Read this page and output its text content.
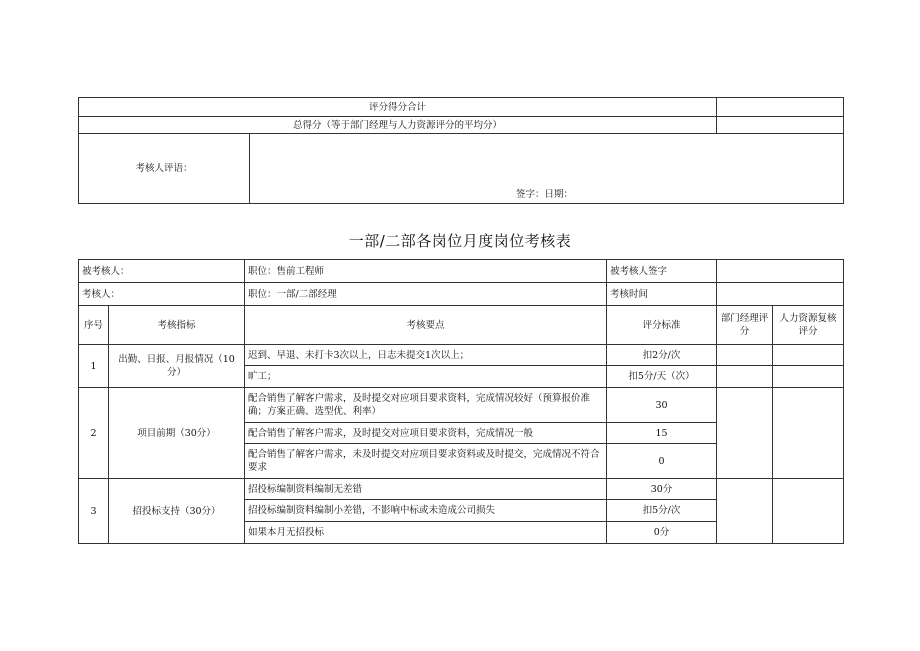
评分得分合计		
总得分（等于部门经理与人力资源评分的平均分）		
考核人评语：	签字：日期：	
一部/二部各岗位月度岗位考核表
被考核人：		职位：售前工程师	被考核人签字		
考核人：		职位：一部/二部经理	考核时间		
序号	考核指标	考核要点	评分标准	部门经理评分	人力资源复核评分
1	出勤、日报、月报情况（10分）	迟到、早退、未打卡3次以上，日志未提交1次以上；	扣2分/次		
		旷工；	扣5分/天（次）		
2	项目前期（30分）	配合销售了解客户需求，及时提交对应项目要求资料，完成情况较好（预算报价准确；方案正确、选型优、利率）	30		
		配合销售了解客户需求，及时提交对应项目要求资料，完成情况一般	15		
		配合销售了解客户需求，未及时提交对应项目要求资料或及时提交，完成情况不符合要求	0		
3	招投标支持（30分）	招投标编制资料编制无差错	30分		
		招投标编制资料编制小差错，不影响中标或未造成公司损失	扣5分/次		
		如果本月无招投标	0分		
